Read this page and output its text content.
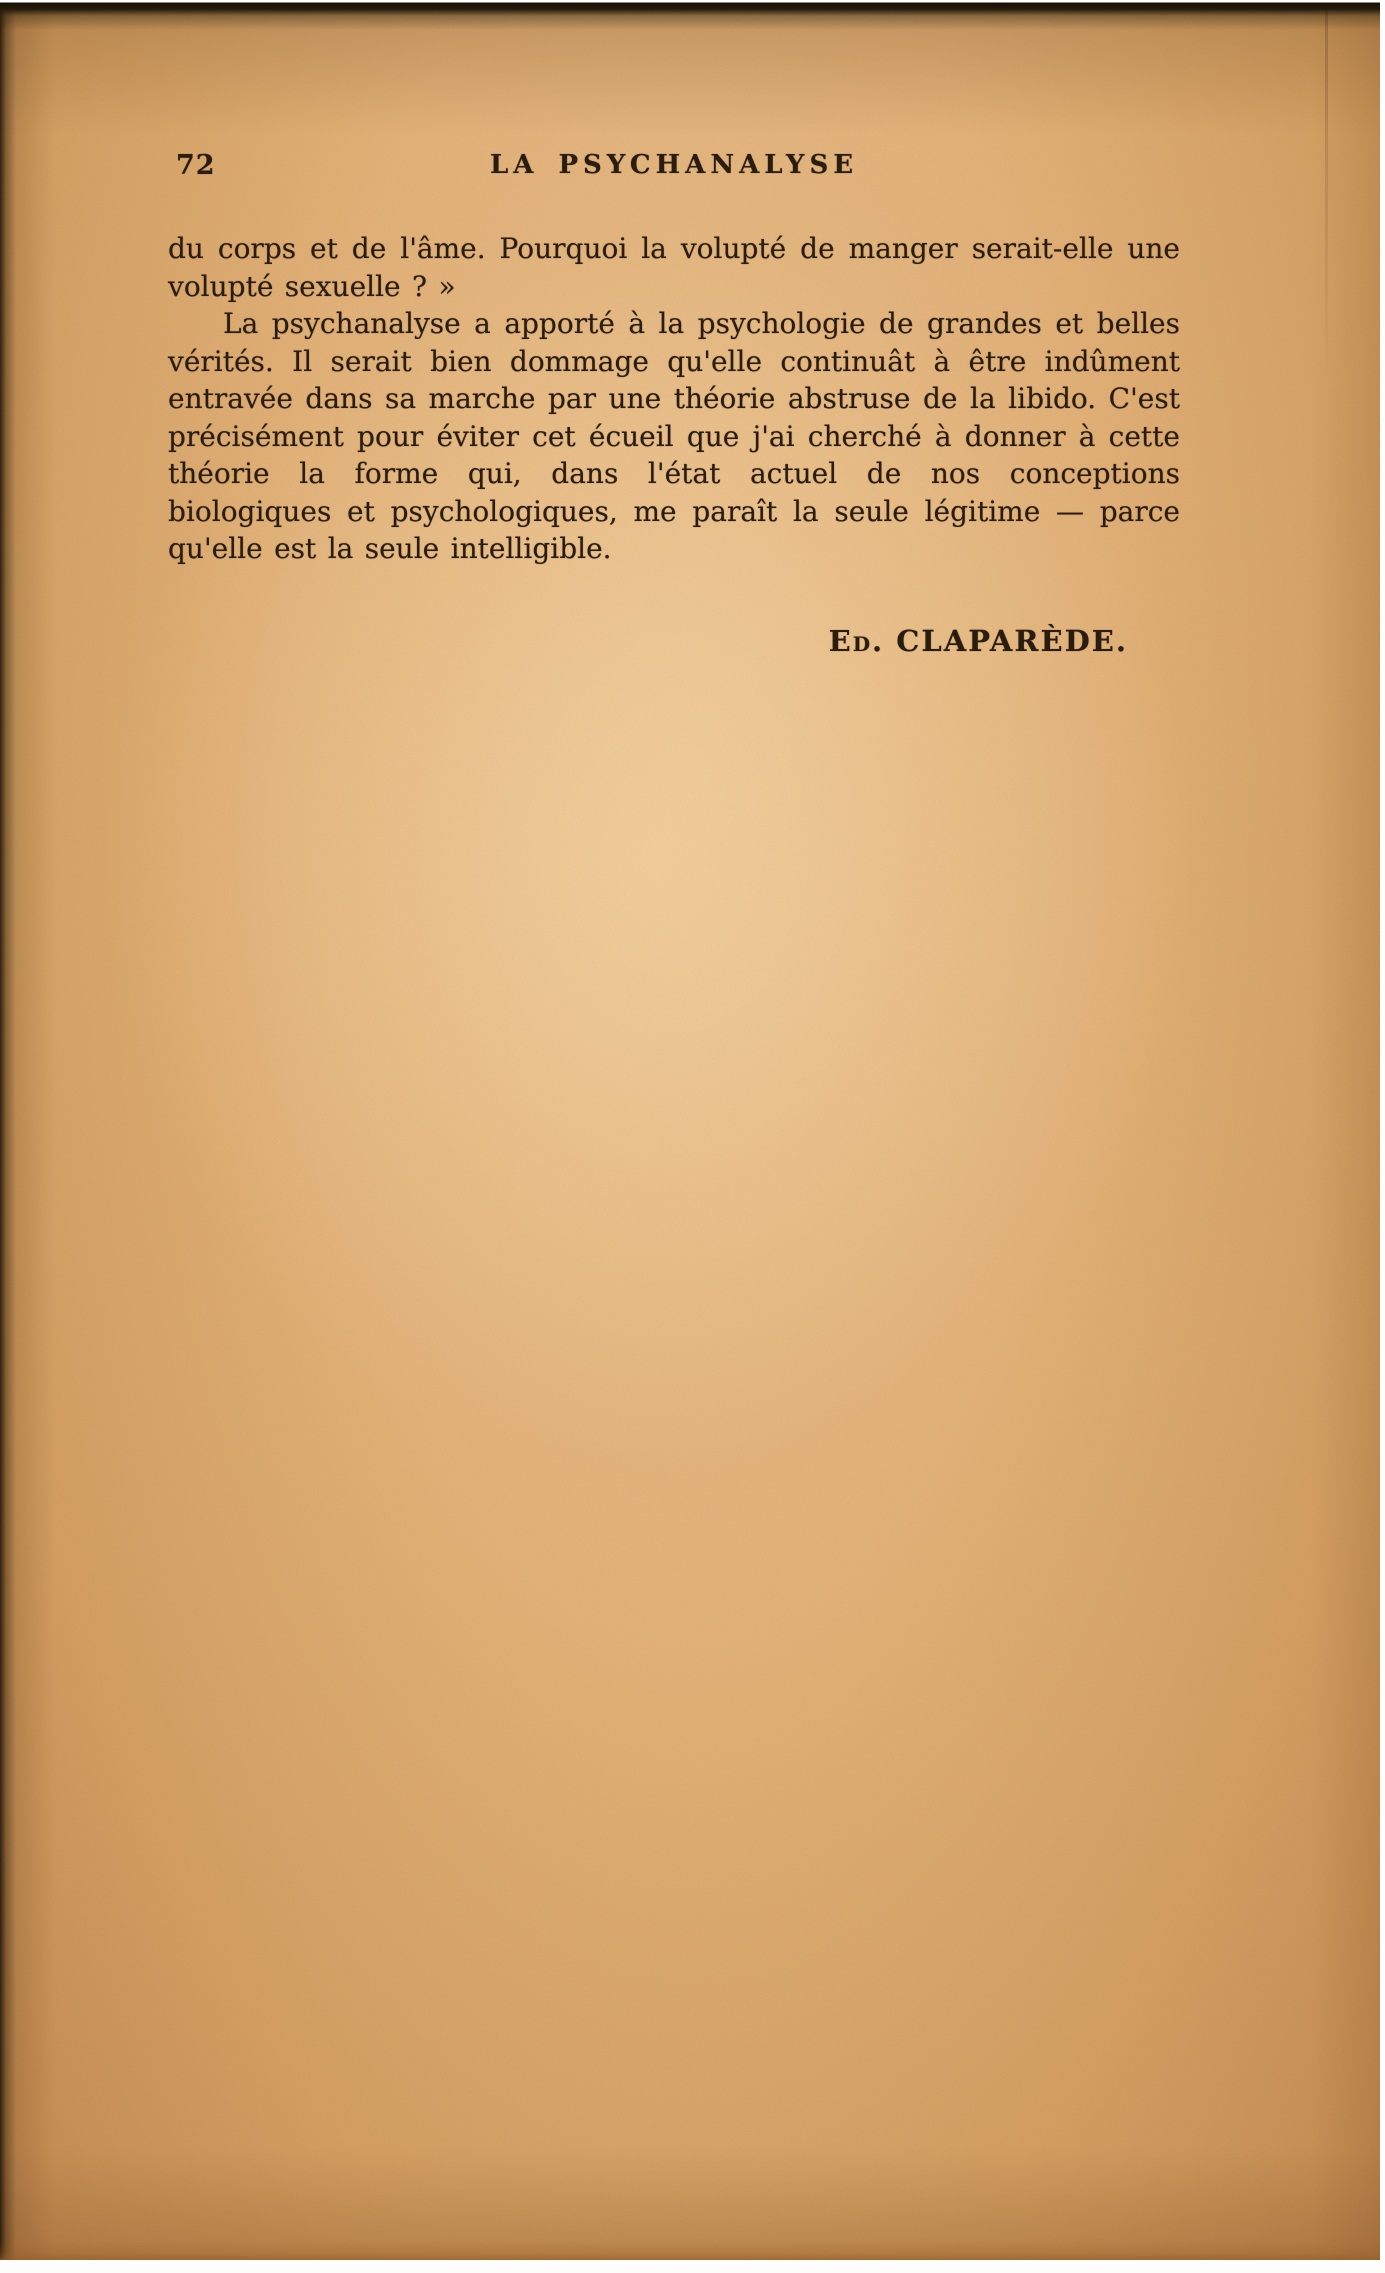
72	LA PSYCHANALYSE

du corps et de l'âme. Pourquoi la volupté de manger serait-elle une volupté sexuelle ? »

La psychanalyse a apporté à la psychologie de grandes et belles vérités. Il serait bien dommage qu'elle continuât à être indûment entravée dans sa marche par une théorie abstruse de la libido. C'est précisément pour éviter cet écueil que j'ai cherché à donner à cette théorie la forme qui, dans l'état actuel de nos conceptions biologiques et psychologiques, me paraît la seule légitime — parce qu'elle est la seule intelligible.

Ed. CLAPARÈDE.
